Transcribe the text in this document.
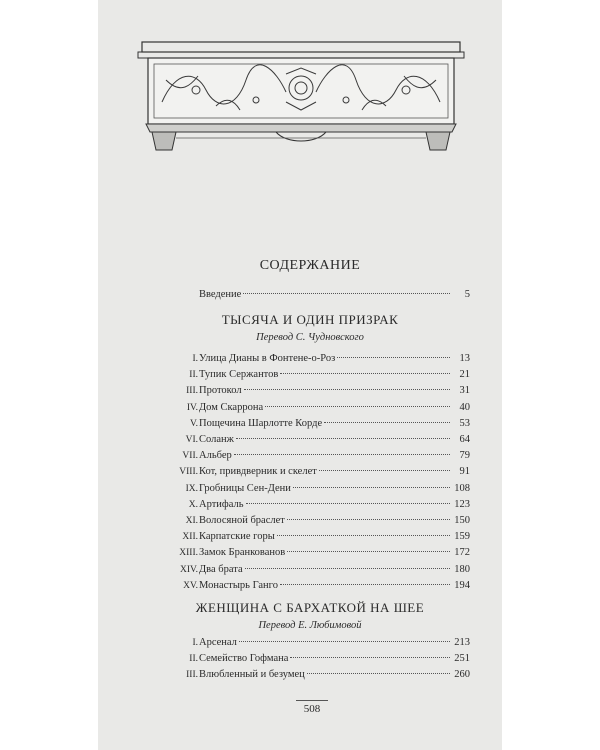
СОДЕРЖАНИЕ
Введение	5
ТЫСЯЧА И ОДИН ПРИЗРАК
Перевод С. Чудновского
I. Улица Дианы в Фонтене-о-Роз	13
II. Тупик Сержантов	21
III. Протокол	31
IV. Дом Скаррона	40
V. Пощечина Шарлотте Корде	53
VI. Соланж	64
VII. Альбер	79
VIII. Кот, привдверник и скелет	91
IX. Гробницы Сен-Дени	108
X. Артифаль	123
XI. Волосяной браслет	150
XII. Карпатские горы	159
XIII. Замок Бранкованов	172
XIV. Два брата	180
XV. Монастырь Ганго	194
ЖЕНЩИНА С БАРХАТКОЙ НА ШЕЕ
Перевод Е. Любимовой
I. Арсенал	213
II. Семейство Гофмана	251
III. Влюбленный и безумец	260
508
